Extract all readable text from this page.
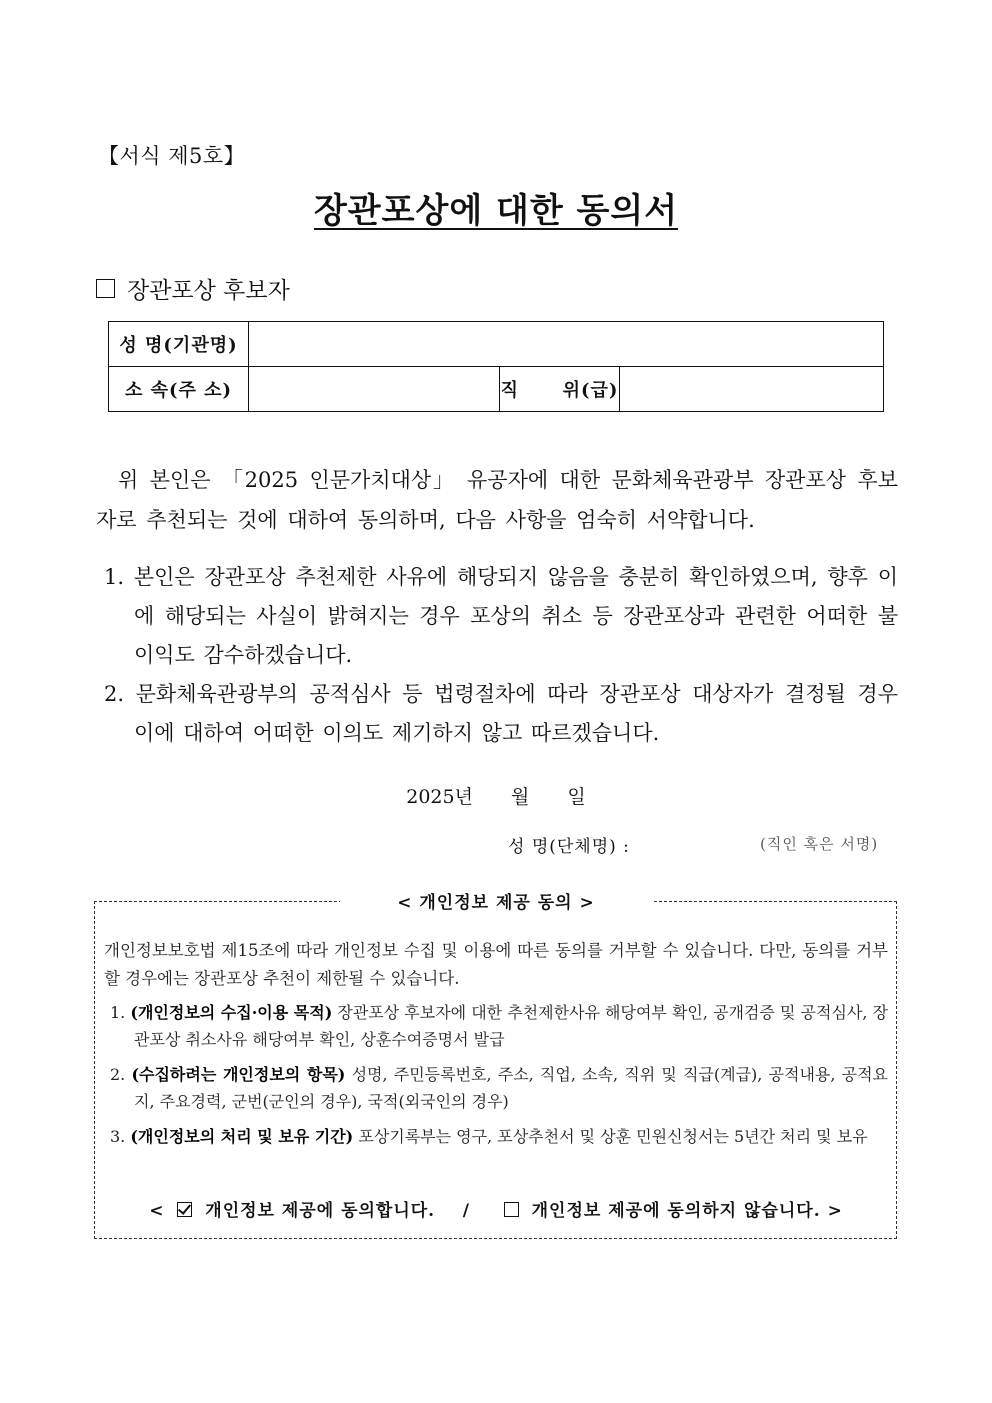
【서식 제5호】
장관포상에 대한 동의서
장관포상 후보자
성 명(기관명)			
소 속(주 소)		직      위(급)	
위 본인은 「2025 인문가치대상」 유공자에 대한 문화체육관광부 장관포상 후보자로 추천되는 것에 대하여 동의하며, 다음 사항을 엄숙히 서약합니다.
1. 본인은 장관포상 추천제한 사유에 해당되지 않음을 충분히 확인하였으며, 향후 이에 해당되는 사실이 밝혀지는 경우 포상의 취소 등 장관포상과 관련한 어떠한 불이익도 감수하겠습니다.
2. 문화체육관광부의 공적심사 등 법령절차에 따라 장관포상 대상자가 결정될 경우 이에 대하여 어떠한 이의도 제기하지 않고 따르겠습니다.
2025년 월 일
성 명(단체명) :	(직인 혹은 서명)
< 개인정보 제공 동의 >
개인정보보호법 제15조에 따라 개인정보 수집 및 이용에 따른 동의를 거부할 수 있습니다. 다만, 동의를 거부할 경우에는 장관포상 추천이 제한될 수 있습니다.
1. (개인정보의 수집·이용 목적) 장관포상 후보자에 대한 추천제한사유 해당여부 확인, 공개검증 및 공적심사, 장관포상 취소사유 해당여부 확인, 상훈수여증명서 발급
2. (수집하려는 개인정보의 항목) 성명, 주민등록번호, 주소, 직업, 소속, 직위 및 직급(계급), 공적내용, 공적요지, 주요경력, 군번(군인의 경우), 국적(외국인의 경우)
3. (개인정보의 처리 및 보유 기간) 포상기록부는 영구, 포상추천서 및 상훈 민원신청서는 5년간 처리 및 보유
< 개인정보 제공에 동의합니다. /	개인정보 제공에 동의하지 않습니다. >
